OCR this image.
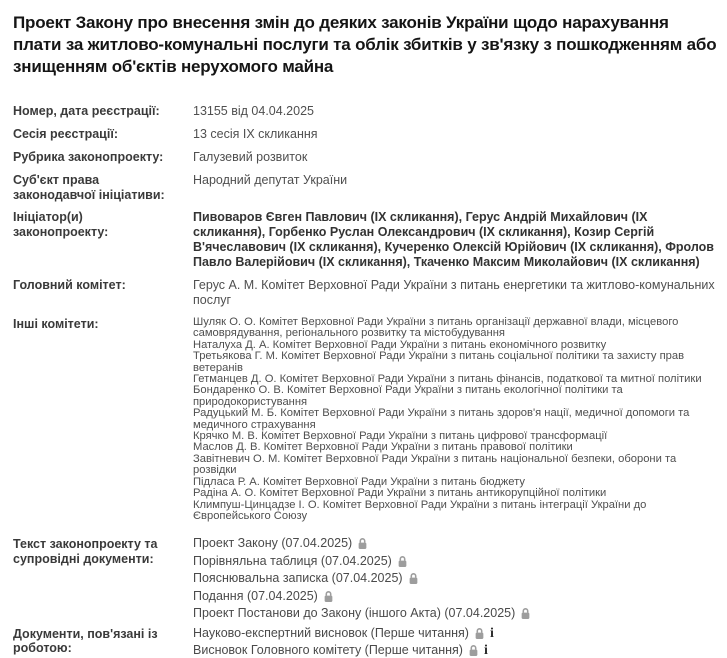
Проект Закону про внесення змін до деяких законів України щодо нарахування плати за житлово-комунальні послуги та облік збитків у зв'язку з пошкодженням або знищенням об'єктів нерухомого майна
Номер, дата реєстрації:	13155 від 04.04.2025
Сесія реєстрації:	13 сесія ІХ скликання
Рубрика законопроекту:	Галузевий розвиток
Суб'єкт права законодавчої ініціативи:
Народний депутат України
Ініціатор(и) законопроекту:
Пивоваров Євген Павлович (ІХ скликання), Герус Андрій Михайлович (ІХ скликання), Горбенко Руслан Олександрович (ІХ скликання), Козир Сергій В'ячеславович (ІХ скликання), Кучеренко Олексій Юрійович (ІХ скликання), Фролов Павло Валерійович (ІХ скликання), Ткаченко Максим Миколайович (ІХ скликання)
Головний комітет:	Герус А. М. Комітет Верховної Ради України з питань енергетики та житлово-комунальних послуг
Інші комітети:	Шуляк О. О. Комітет Верховної Ради України з питань організації державної влади, місцевого самоврядування, регіонального розвитку та містобудування
Наталуха Д. А. Комітет Верховної Ради України з питань економічного розвитку
Третьякова Г. М. Комітет Верховної Ради України з питань соціальної політики та захисту прав ветеранів
Гетманцев Д. О. Комітет Верховної Ради України з питань фінансів, податкової та митної політики
Бондаренко О. В. Комітет Верховної Ради України з питань екологічної політики та природокористування
Радуцький М. Б. Комітет Верховної Ради України з питань здоров'я нації, медичної допомоги та медичного страхування
Крячко М. В. Комітет Верховної Ради України з питань цифрової трансформації
Маслов Д. В. Комітет Верховної Ради України з питань правової політики
Завітневич О. М. Комітет Верховної Ради України з питань національної безпеки, оборони та розвідки
Підласа Р. А. Комітет Верховної Ради України з питань бюджету
Радіна А. О. Комітет Верховної Ради України з питань антикорупційної політики
Климпуш-Цинцадзе І. О. Комітет Верховної Ради України з питань інтеграції України до Європейського Союзу
Текст законопроекту та супровідні документи:
Проект Закону (07.04.2025)
Порівняльна таблиця (07.04.2025)
Пояснювальна записка (07.04.2025)
Подання (07.04.2025)
Проект Постанови до Закону (іншого Акта) (07.04.2025)
Документи, пов'язані із роботою:
Науково-експертний висновок (Перше читання) i
Висновок Головного комітету (Перше читання) i
